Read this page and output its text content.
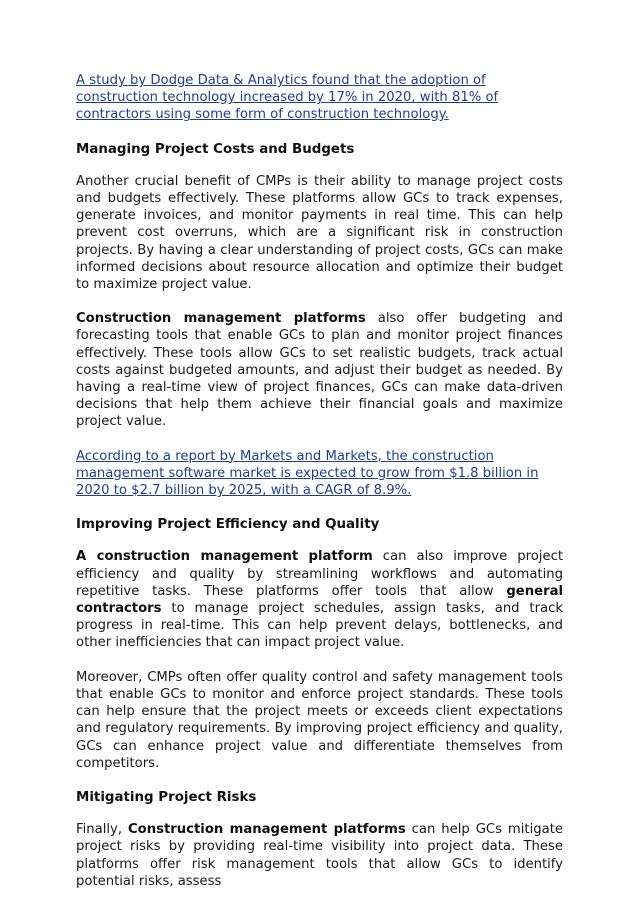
A study by Dodge Data & Analytics found that the adoption of construction technology increased by 17% in 2020, with 81% of contractors using some form of construction technology.

Managing Project Costs and Budgets

Another crucial benefit of CMPs is their ability to manage project costs and budgets effectively. These platforms allow GCs to track expenses, generate invoices, and monitor payments in real time. This can help prevent cost overruns, which are a significant risk in construction projects. By having a clear understanding of project costs, GCs can make informed decisions about resource allocation and optimize their budget to maximize project value.

Construction management platforms also offer budgeting and forecasting tools that enable GCs to plan and monitor project finances effectively. These tools allow GCs to set realistic budgets, track actual costs against budgeted amounts, and adjust their budget as needed. By having a real-time view of project finances, GCs can make data-driven decisions that help them achieve their financial goals and maximize project value.

According to a report by Markets and Markets, the construction management software market is expected to grow from $1.8 billion in 2020 to $2.7 billion by 2025, with a CAGR of 8.9%.

Improving Project Efficiency and Quality

A construction management platform can also improve project efficiency and quality by streamlining workflows and automating repetitive tasks. These platforms offer tools that allow general contractors to manage project schedules, assign tasks, and track progress in real-time. This can help prevent delays, bottlenecks, and other inefficiencies that can impact project value.

Moreover, CMPs often offer quality control and safety management tools that enable GCs to monitor and enforce project standards. These tools can help ensure that the project meets or exceeds client expectations and regulatory requirements. By improving project efficiency and quality, GCs can enhance project value and differentiate themselves from competitors.

Mitigating Project Risks

Finally, Construction management platforms can help GCs mitigate project risks by providing real-time visibility into project data. These platforms offer risk management tools that allow GCs to identify potential risks, assess
